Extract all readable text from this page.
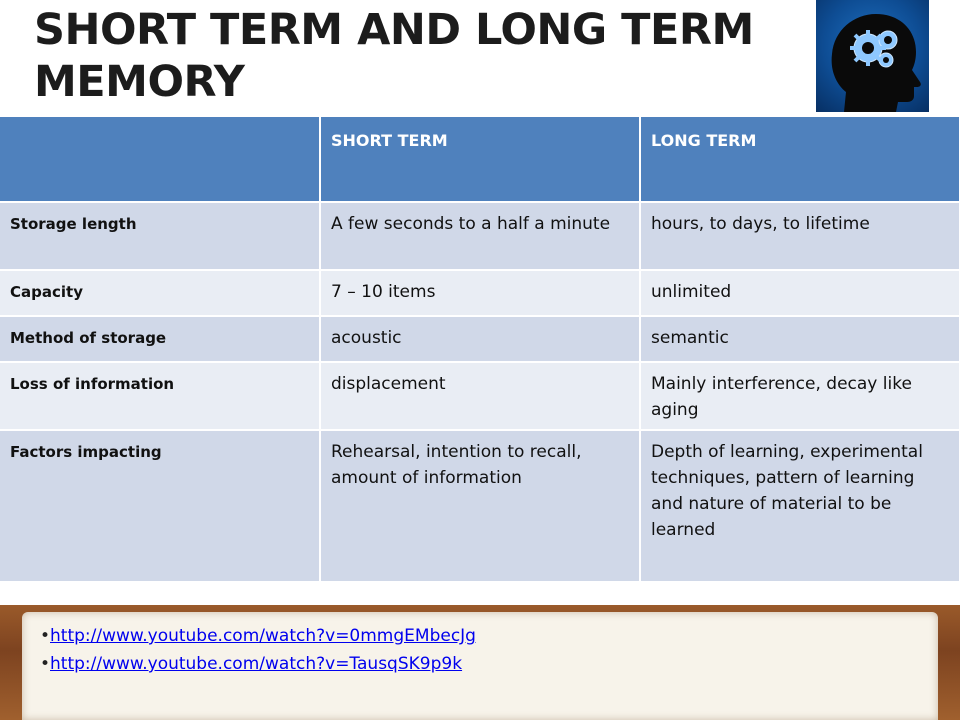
SHORT TERM AND LONG TERM MEMORY
	SHORT TERM	LONG TERM
Storage length	A few seconds to a half a minute	hours, to days, to lifetime
Capacity	7 – 10 items	unlimited
Method of storage	acoustic	semantic
Loss of information	displacement	Mainly interference, decay like aging
Factors impacting	Rehearsal, intention to recall, amount of information	Depth of learning, experimental techniques, pattern of learning and nature of material to be learned
• http://www.youtube.com/watch?v=0mmgEMbecJg
• http://www.youtube.com/watch?v=TausqSK9p9k
